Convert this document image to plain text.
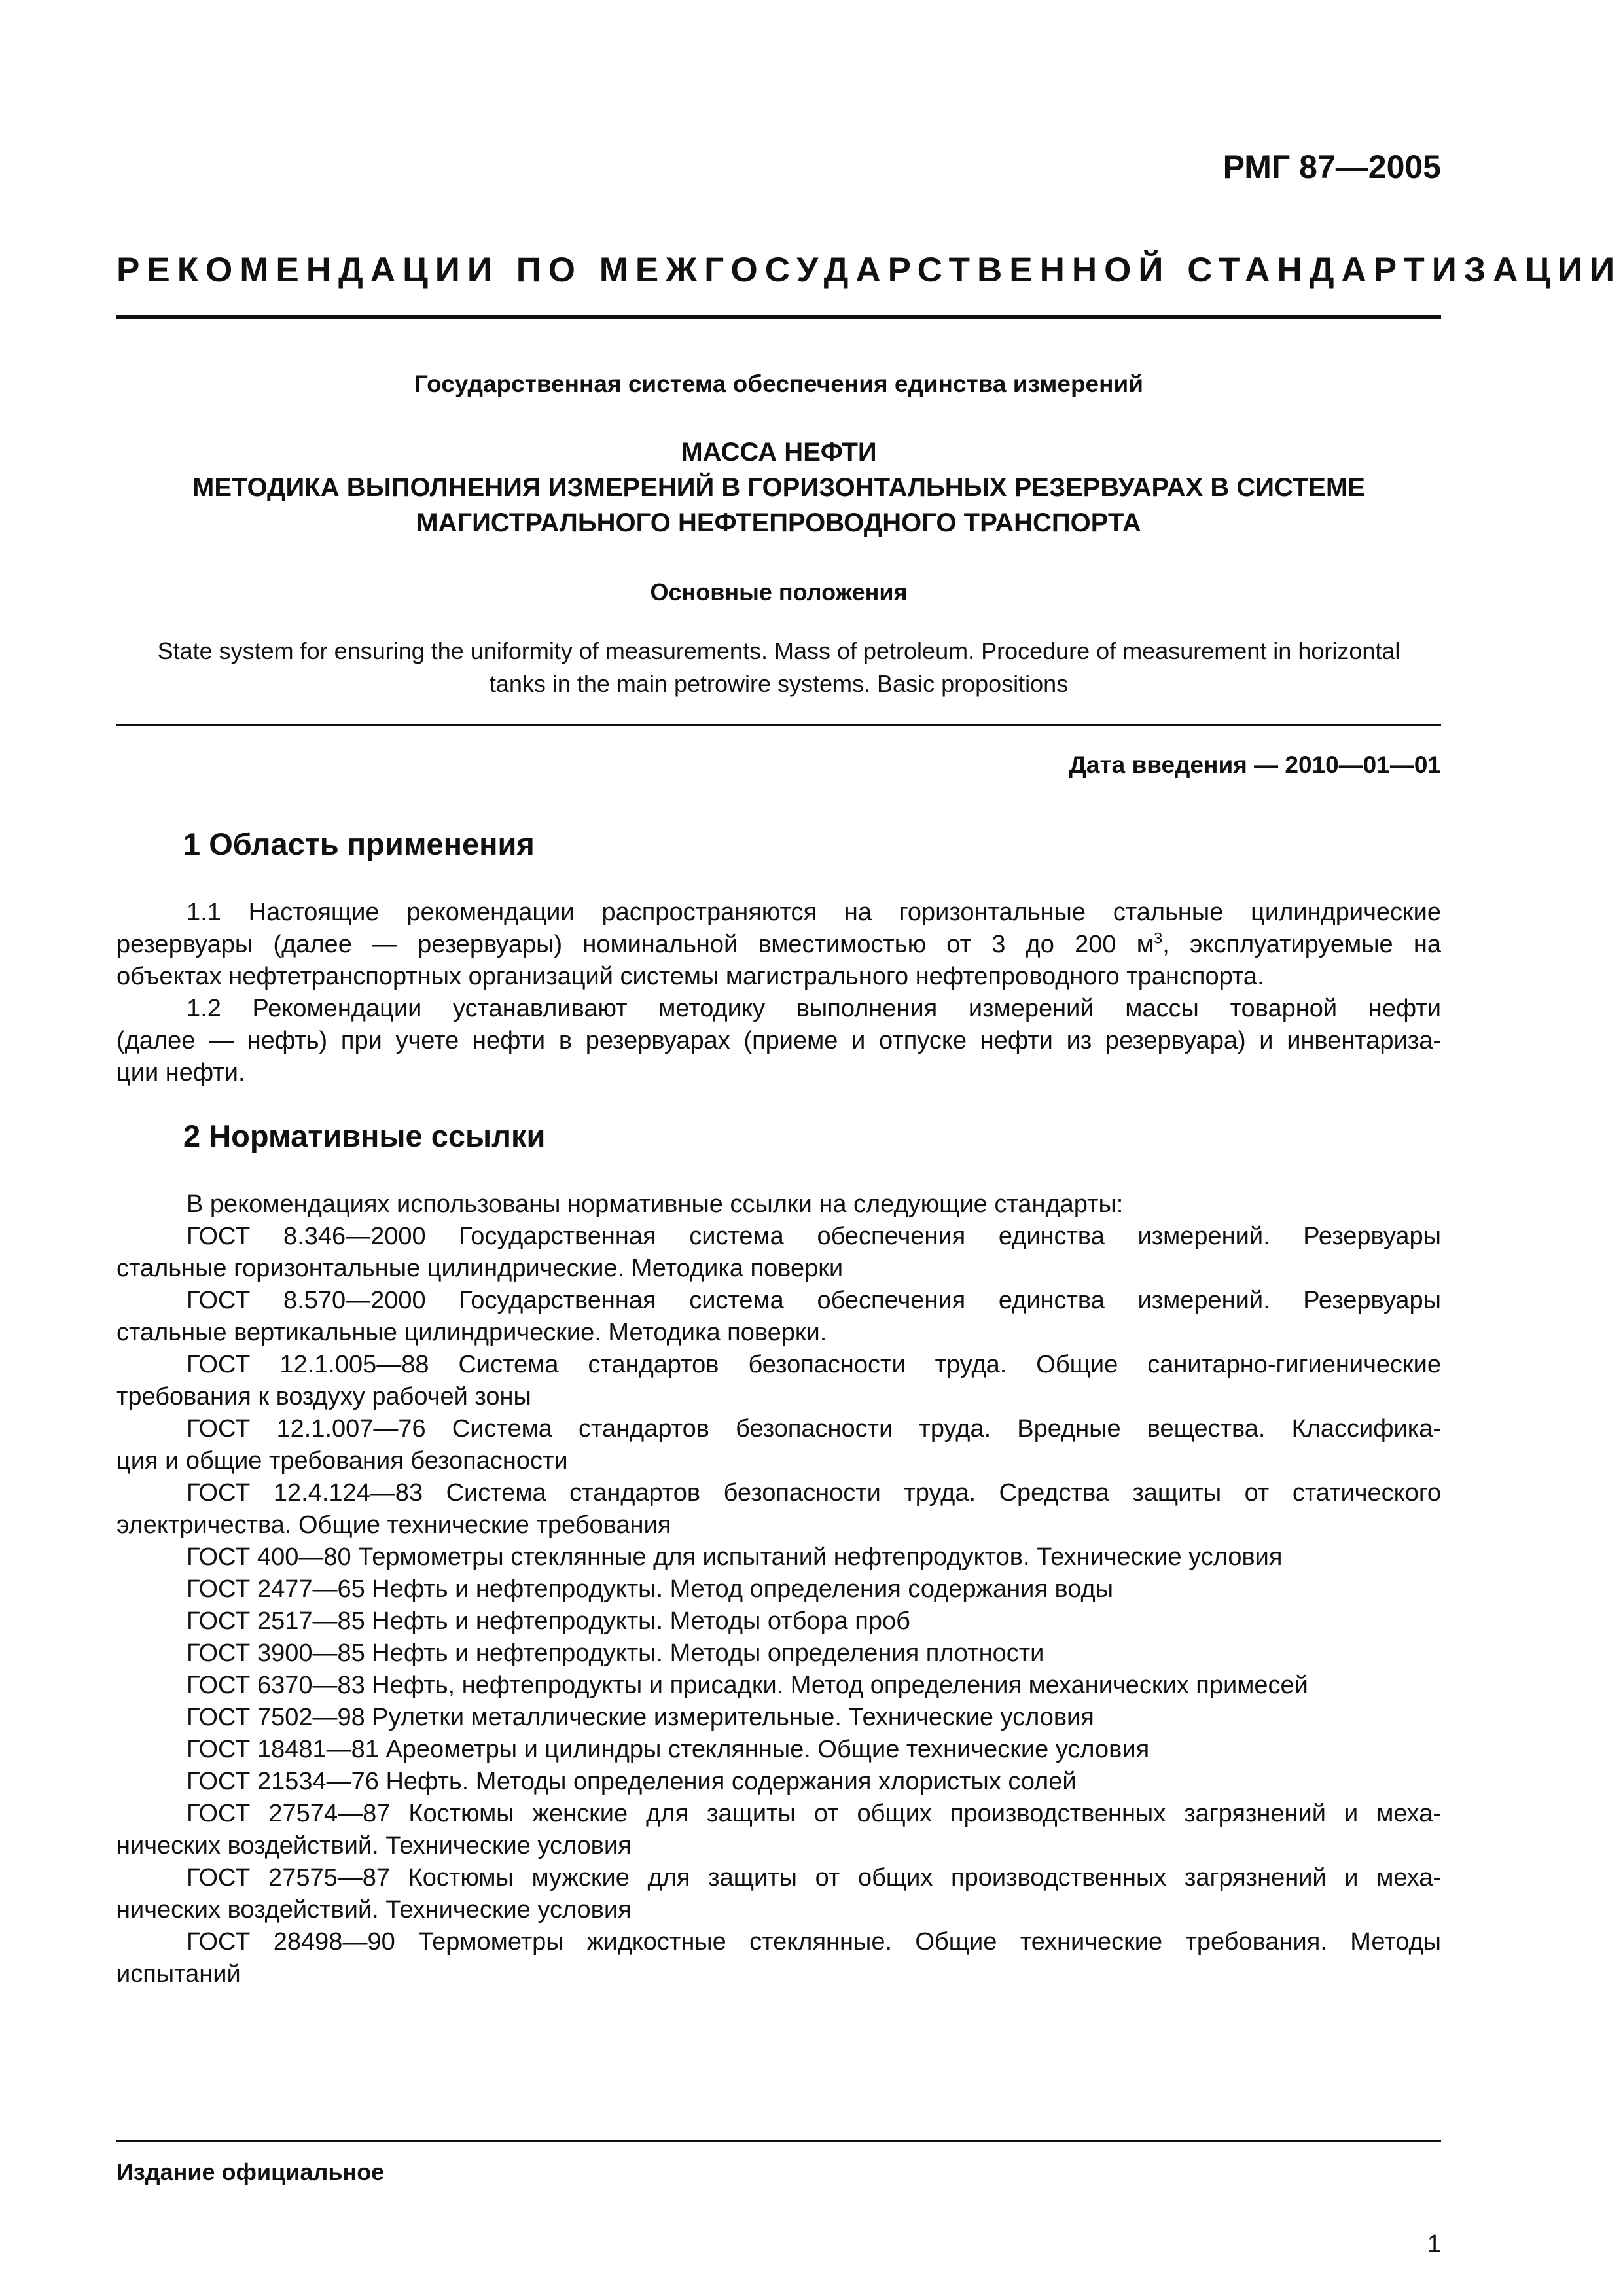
РМГ 87—2005
РЕКОМЕНДАЦИИ ПО МЕЖГОСУДАРСТВЕННОЙ СТАНДАРТИЗАЦИИ
Государственная система обеспечения единства измерений
МАССА НЕФТИ
МЕТОДИКА ВЫПОЛНЕНИЯ ИЗМЕРЕНИЙ В ГОРИЗОНТАЛЬНЫХ РЕЗЕРВУАРАХ В СИСТЕМЕ
МАГИСТРАЛЬНОГО НЕФТЕПРОВОДНОГО ТРАНСПОРТА
Основные положения
State system for ensuring the uniformity of measurements. Mass of petroleum. Procedure of measurement in horizontal
tanks in the main petrowire systems. Basic propositions
Дата введения — 2010—01—01
1 Область применения
1.1 Настоящие рекомендации распространяются на горизонтальные стальные цилиндрические
резервуары (далее — резервуары) номинальной вместимостью от 3 до 200 $м^3$, эксплуатируемые на
объектах нефтетранспортных организаций системы магистрального нефтепроводного транспорта.
1.2 Рекомендации устанавливают методику выполнения измерений массы товарной нефти
(далее — нефть) при учете нефти в резервуарах (приеме и отпуске нефти из резервуара) и инвентариза-
ции нефти.
2 Нормативные ссылки
В рекомендациях использованы нормативные ссылки на следующие стандарты:
ГОСТ 8.346—2000 Государственная система обеспечения единства измерений. Резервуары
стальные горизонтальные цилиндрические. Методика поверки
ГОСТ 8.570—2000 Государственная система обеспечения единства измерений. Резервуары
стальные вертикальные цилиндрические. Методика поверки.
ГОСТ 12.1.005—88 Система стандартов безопасности труда. Общие санитарно-гигиенические
требования к воздуху рабочей зоны
ГОСТ 12.1.007—76 Система стандартов безопасности труда. Вредные вещества. Классифика-
ция и общие требования безопасности
ГОСТ 12.4.124—83 Система стандартов безопасности труда. Средства защиты от статического
электричества. Общие технические требования
ГОСТ 400—80 Термометры стеклянные для испытаний нефтепродуктов. Технические условия
ГОСТ 2477—65 Нефть и нефтепродукты. Метод определения содержания воды
ГОСТ 2517—85 Нефть и нефтепродукты. Методы отбора проб
ГОСТ 3900—85 Нефть и нефтепродукты. Методы определения плотности
ГОСТ 6370—83 Нефть, нефтепродукты и присадки. Метод определения механических примесей
ГОСТ 7502—98 Рулетки металлические измерительные. Технические условия
ГОСТ 18481—81 Ареометры и цилиндры стеклянные. Общие технические условия
ГОСТ 21534—76 Нефть. Методы определения содержания хлористых солей
ГОСТ 27574—87 Костюмы женские для защиты от общих производственных загрязнений и меха-
нических воздействий. Технические условия
ГОСТ 27575—87 Костюмы мужские для защиты от общих производственных загрязнений и меха-
нических воздействий. Технические условия
ГОСТ 28498—90 Термометры жидкостные стеклянные. Общие технические требования. Методы
испытаний
Издание официальное
1
